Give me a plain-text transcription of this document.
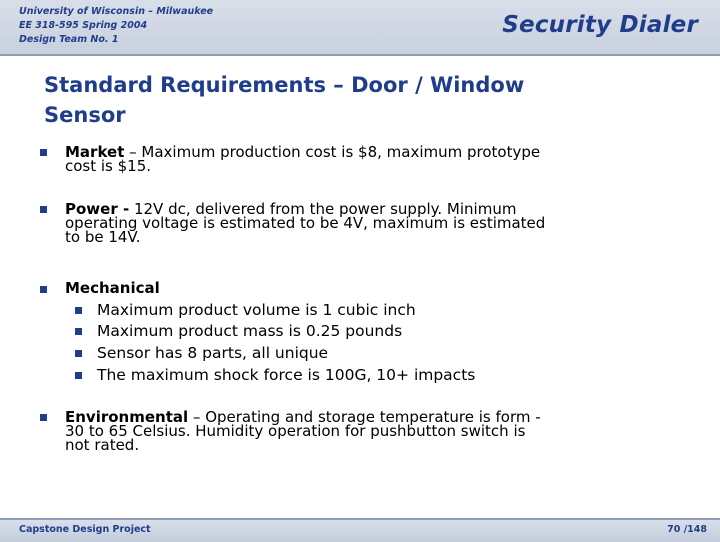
University of Wisconsin – Milwaukee
EE 318-595 Spring 2004
Design Team No. 1
Security Dialer
Standard Requirements – Door / Window
Sensor
Market – Maximum production cost is $8, maximum prototype
cost is $15.
Power - 12V dc, delivered from the power supply. Minimum
operating voltage is estimated to be 4V, maximum is estimated
to be 14V.
Mechanical
Maximum product volume is 1 cubic inch
Maximum product mass is 0.25 pounds
Sensor has 8 parts, all unique
The maximum shock force is 100G, 10+ impacts
Environmental – Operating and storage temperature is form -
30 to 65 Celsius. Humidity operation for pushbutton switch is
not rated.
Capstone Design Project	70 /148
